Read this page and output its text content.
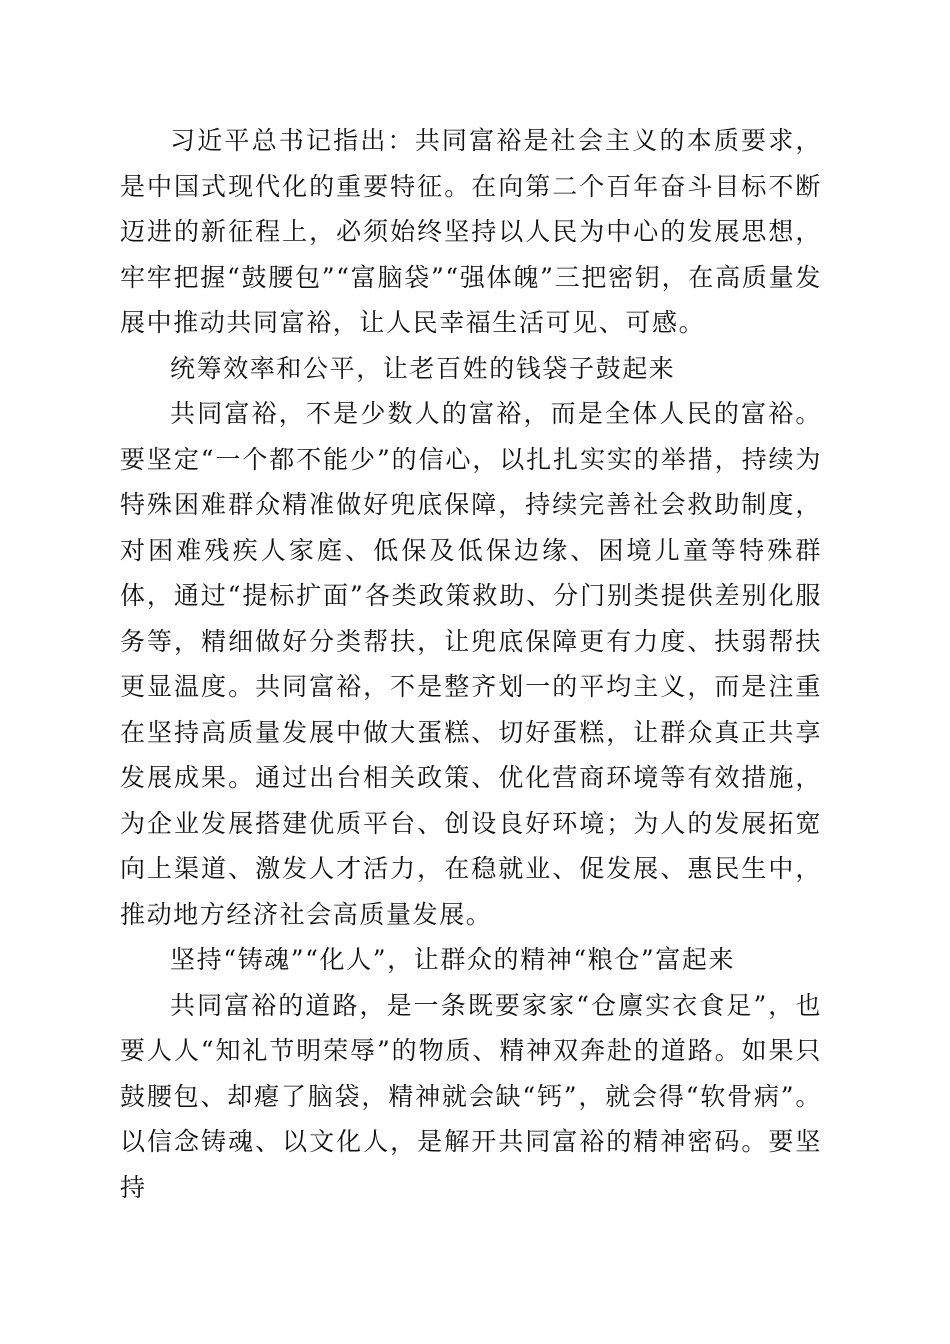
习近平总书记指出：共同富裕是社会主义的本质要求，是中国式现代化的重要特征。在向第二个百年奋斗目标不断迈进的新征程上，必须始终坚持以人民为中心的发展思想，牢牢把握“鼓腰包”“富脑袋”“强体魄”三把密钥，在高质量发展中推动共同富裕，让人民幸福生活可见、可感。

统筹效率和公平，让老百姓的钱袋子鼓起来

共同富裕，不是少数人的富裕，而是全体人民的富裕。要坚定“一个都不能少”的信心，以扎扎实实的举措，持续为特殊困难群众精准做好兜底保障，持续完善社会救助制度，对困难残疾人家庭、低保及低保边缘、困境儿童等特殊群体，通过“提标扩面”各类政策救助、分门别类提供差别化服务等，精细做好分类帮扶，让兜底保障更有力度、扶弱帮扶更显温度。共同富裕，不是整齐划一的平均主义，而是注重在坚持高质量发展中做大蛋糕、切好蛋糕，让群众真正共享发展成果。通过出台相关政策、优化营商环境等有效措施，为企业发展搭建优质平台、创设良好环境；为人的发展拓宽向上渠道、激发人才活力，在稳就业、促发展、惠民生中，推动地方经济社会高质量发展。

坚持“铸魂”“化人”，让群众的精神“粮仓”富起来

共同富裕的道路，是一条既要家家“仓廪实衣食足”，也要人人“知礼节明荣辱”的物质、精神双奔赴的道路。如果只鼓腰包、却瘪了脑袋，精神就会缺“钙”，就会得“软骨病”。以信念铸魂、以文化人，是解开共同富裕的精神密码。要坚持
